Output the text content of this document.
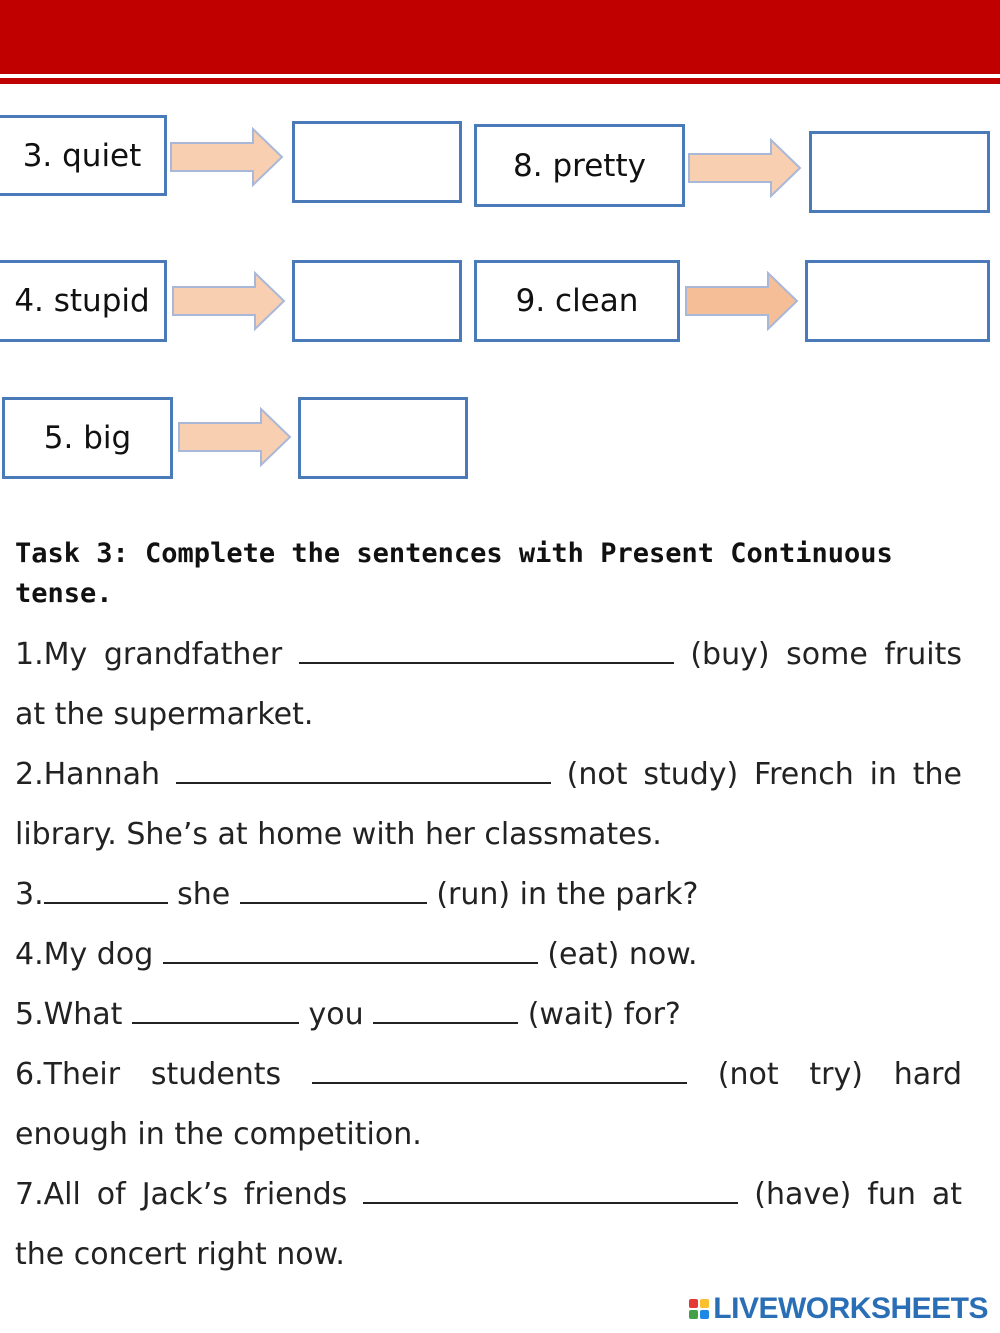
3. quiet	8. pretty
4. stupid	9. clean
5. big
Task 3: Complete the sentences with Present Continuous tense.
1.My grandfather	(buy) some fruits at the supermarket.
2.Hannah	(not study) French in the library. She’s at home with her classmates.
3.	she	(run) in the park?
4.My dog	(eat) now.
5.What	you	(wait) for?
6.Their students	(not try) hard enough in the competition.
7.All of Jack’s friends	(have) fun at the concert right now.
LIVEWORKSHEETS
